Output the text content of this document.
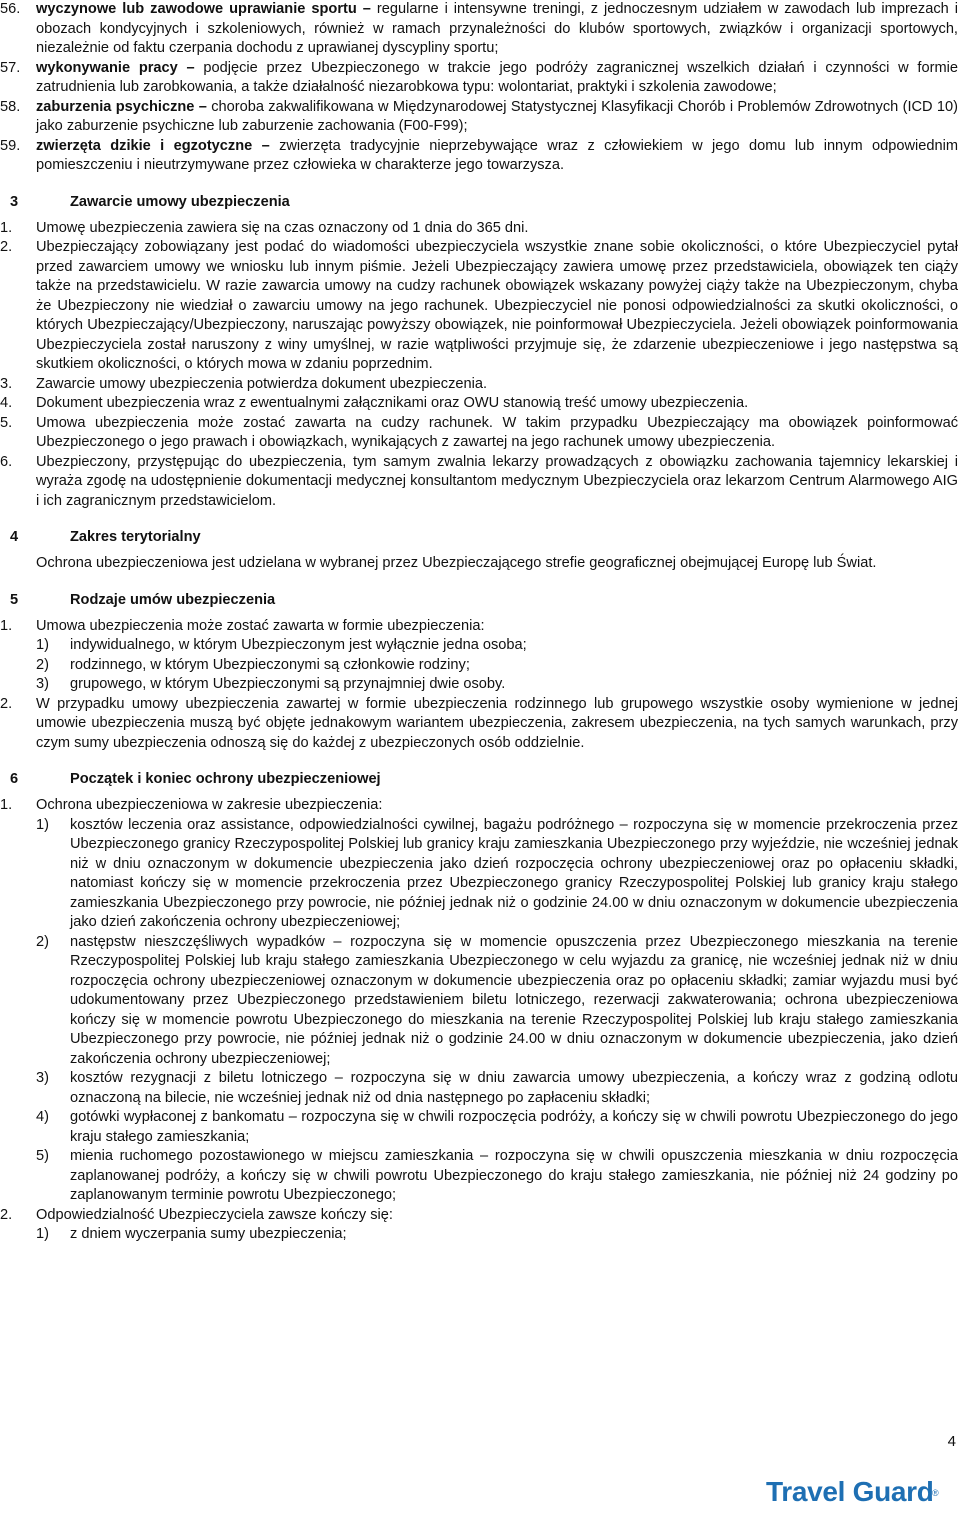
56. wyczynowe lub zawodowe uprawianie sportu – regularne i intensywne treningi, z jednoczesnym udziałem w zawodach lub imprezach i obozach kondycyjnych i szkoleniowych, również w ramach przynależności do klubów sportowych, związków i organizacji sportowych, niezależnie od faktu czerpania dochodu z uprawianej dyscypliny sportu;
57. wykonywanie pracy – podjęcie przez Ubezpieczonego w trakcie jego podróży zagranicznej wszelkich działań i czynności w formie zatrudnienia lub zarobkowania, a także działalność niezarobkowa typu: wolontariat, praktyki i szkolenia zawodowe;
58. zaburzenia psychiczne – choroba zakwalifikowana w Międzynarodowej Statystycznej Klasyfikacji Chorób i Problemów Zdrowotnych (ICD 10) jako zaburzenie psychiczne lub zaburzenie zachowania (F00-F99);
59. zwierzęta dzikie i egzotyczne – zwierzęta tradycyjnie nieprzebywające wraz z człowiekiem w jego domu lub innym odpowiednim pomieszczeniu i nieutrzymywane przez człowieka w charakterze jego towarzysza.
3	Zawarcie umowy ubezpieczenia
1. Umowę ubezpieczenia zawiera się na czas oznaczony od 1 dnia do 365 dni.
2. Ubezpieczający zobowiązany jest podać do wiadomości ubezpieczyciela wszystkie znane sobie okoliczności, o które Ubezpieczyciel pytał przed zawarciem umowy we wniosku lub innym piśmie. Jeżeli Ubezpieczający zawiera umowę przez przedstawiciela, obowiązek ten ciąży także na przedstawicielu. W razie zawarcia umowy na cudzy rachunek obowiązek wskazany powyżej ciąży także na Ubezpieczonym, chyba że Ubezpieczony nie wiedział o zawarciu umowy na jego rachunek. Ubezpieczyciel nie ponosi odpowiedzialności za skutki okoliczności, o których Ubezpieczający/Ubezpieczony, naruszając powyższy obowiązek, nie poinformował Ubezpieczyciela. Jeżeli obowiązek poinformowania Ubezpieczyciela został naruszony z winy umyślnej, w razie wątpliwości przyjmuje się, że zdarzenie ubezpieczeniowe i jego następstwa są skutkiem okoliczności, o których mowa w zdaniu poprzednim.
3. Zawarcie umowy ubezpieczenia potwierdza dokument ubezpieczenia.
4. Dokument ubezpieczenia wraz z ewentualnymi załącznikami oraz OWU stanowią treść umowy ubezpieczenia.
5. Umowa ubezpieczenia może zostać zawarta na cudzy rachunek. W takim przypadku Ubezpieczający ma obowiązek poinformować Ubezpieczonego o jego prawach i obowiązkach, wynikających z zawartej na jego rachunek umowy ubezpieczenia.
6. Ubezpieczony, przystępując do ubezpieczenia, tym samym zwalnia lekarzy prowadzących z obowiązku zachowania tajemnicy lekarskiej i wyraża zgodę na udostępnienie dokumentacji medycznej konsultantom medycznym Ubezpieczyciela oraz lekarzom Centrum Alarmowego AIG i ich zagranicznym przedstawicielom.
4	Zakres terytorialny
Ochrona ubezpieczeniowa jest udzielana w wybranej przez Ubezpieczającego strefie geograficznej obejmującej Europę lub Świat.
5	Rodzaje umów ubezpieczenia
1. Umowa ubezpieczenia może zostać zawarta w formie ubezpieczenia:
1) indywidualnego, w którym Ubezpieczonym jest wyłącznie jedna osoba;
2) rodzinnego, w którym Ubezpieczonymi są członkowie rodziny;
3) grupowego, w którym Ubezpieczonymi są przynajmniej dwie osoby.
2. W przypadku umowy ubezpieczenia zawartej w formie ubezpieczenia rodzinnego lub grupowego wszystkie osoby wymienione w jednej umowie ubezpieczenia muszą być objęte jednakowym wariantem ubezpieczenia, zakresem ubezpieczenia, na tych samych warunkach, przy czym sumy ubezpieczenia odnoszą się do każdej z ubezpieczonych osób oddzielnie.
6	Początek i koniec ochrony ubezpieczeniowej
1. Ochrona ubezpieczeniowa w zakresie ubezpieczenia:
1) kosztów leczenia oraz assistance, odpowiedzialności cywilnej, bagażu podróżnego – rozpoczyna się w momencie przekroczenia przez Ubezpieczonego granicy Rzeczypospolitej Polskiej lub granicy kraju zamieszkania Ubezpieczonego przy wyjeździe, nie wcześniej jednak niż w dniu oznaczonym w dokumencie ubezpieczenia jako dzień rozpoczęcia ochrony ubezpieczeniowej oraz po opłaceniu składki, natomiast kończy się w momencie przekroczenia przez Ubezpieczonego granicy Rzeczypospolitej Polskiej lub granicy kraju stałego zamieszkania Ubezpieczonego przy powrocie, nie później jednak niż o godzinie 24.00 w dniu oznaczonym w dokumencie ubezpieczenia jako dzień zakończenia ochrony ubezpieczeniowej;
2) następstw nieszczęśliwych wypadków – rozpoczyna się w momencie opuszczenia przez Ubezpieczonego mieszkania na terenie Rzeczypospolitej Polskiej lub kraju stałego zamieszkania Ubezpieczonego w celu wyjazdu za granicę, nie wcześniej jednak niż w dniu rozpoczęcia ochrony ubezpieczeniowej oznaczonym w dokumencie ubezpieczenia oraz po opłaceniu składki; zamiar wyjazdu musi być udokumentowany przez Ubezpieczonego przedstawieniem biletu lotniczego, rezerwacji zakwaterowania; ochrona ubezpieczeniowa kończy się w momencie powrotu Ubezpieczonego do mieszkania na terenie Rzeczypospolitej Polskiej lub kraju stałego zamieszkania Ubezpieczonego przy powrocie, nie później jednak niż o godzinie 24.00 w dniu oznaczonym w dokumencie ubezpieczenia, jako dzień zakończenia ochrony ubezpieczeniowej;
3) kosztów rezygnacji z biletu lotniczego – rozpoczyna się w dniu zawarcia umowy ubezpieczenia, a kończy wraz z godziną odlotu oznaczoną na bilecie, nie wcześniej jednak niż od dnia następnego po zapłaceniu składki;
4) gotówki wypłaconej z bankomatu – rozpoczyna się w chwili rozpoczęcia podróży, a kończy się w chwili powrotu Ubezpieczonego do jego kraju stałego zamieszkania;
5) mienia ruchomego pozostawionego w miejscu zamieszkania – rozpoczyna się w chwili opuszczenia mieszkania w dniu rozpoczęcia zaplanowanej podróży, a kończy się w chwili powrotu Ubezpieczonego do kraju stałego zamieszkania, nie później niż 24 godziny po zaplanowanym terminie powrotu Ubezpieczonego;
2. Odpowiedzialność Ubezpieczyciela zawsze kończy się:
1) z dniem wyczerpania sumy ubezpieczenia;
4
Travel Guard
®
